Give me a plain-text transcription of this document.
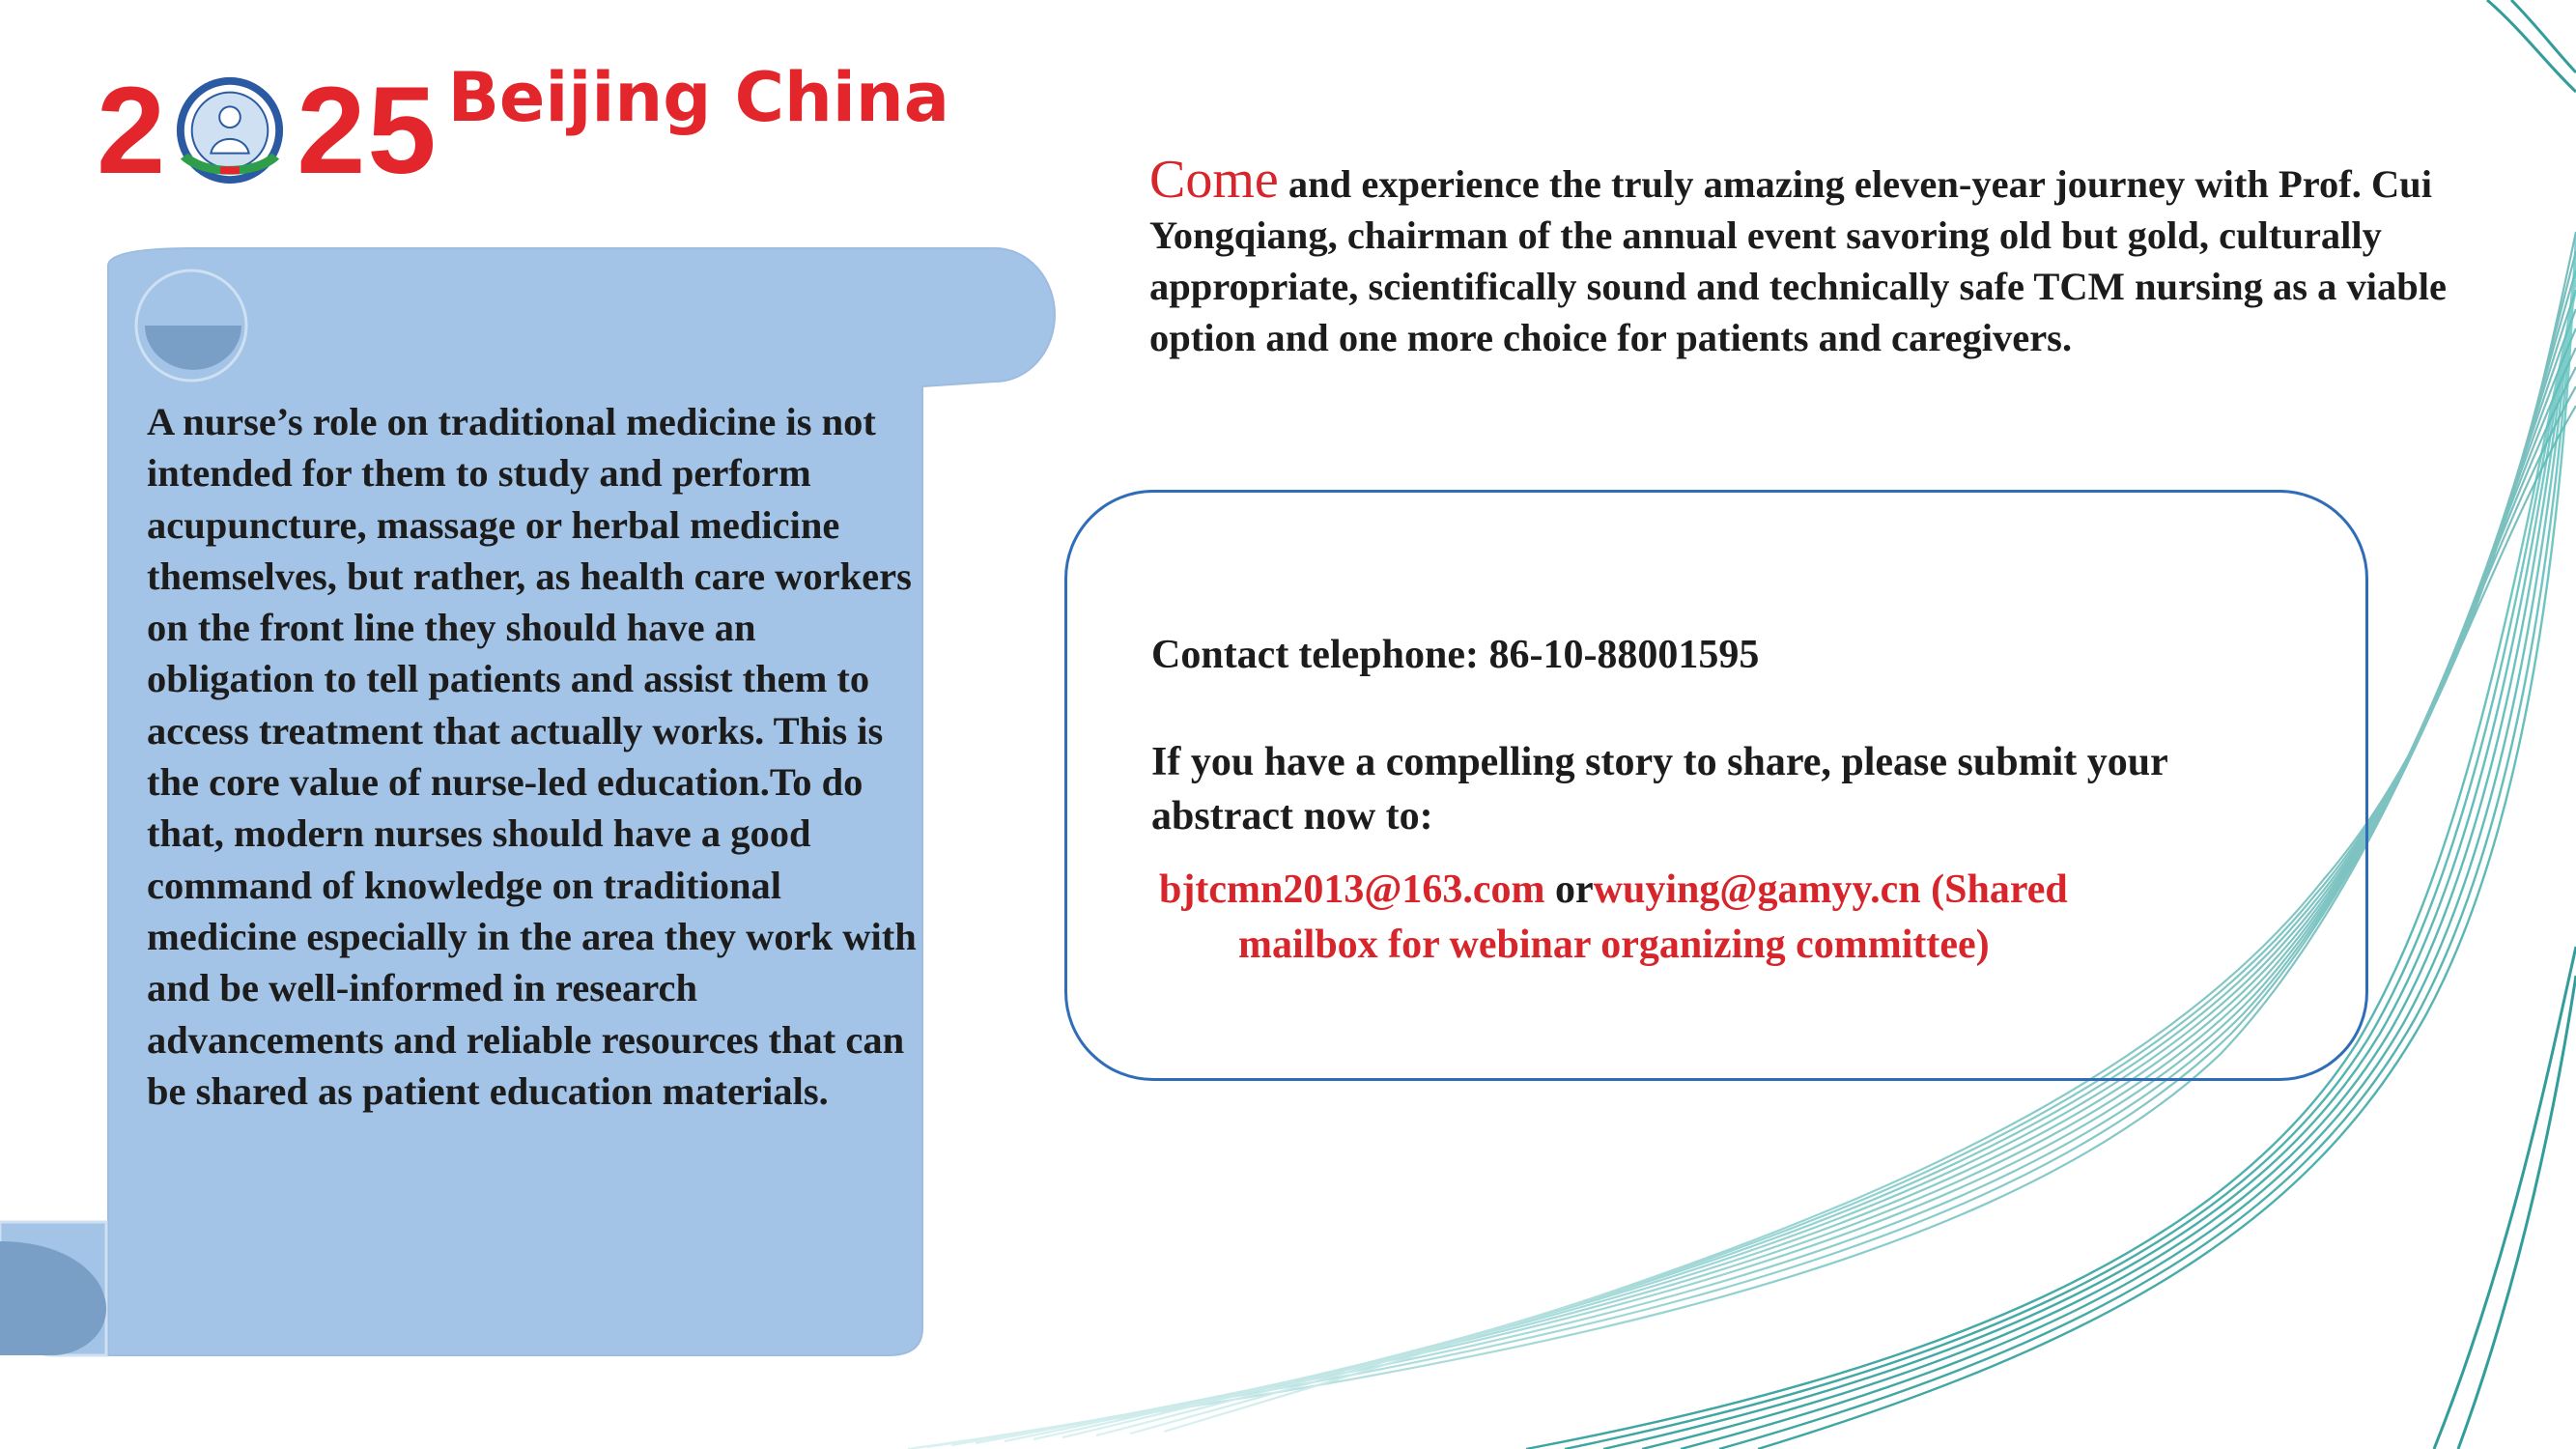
2 25 Beijing China

A nurse’s role on traditional medicine is not intended for them to study and perform acupuncture, massage or herbal medicine themselves, but rather, as health care workers on the front line they should have an obligation to tell patients and assist them to access treatment that actually works. This is the core value of nurse-led education.To do that, modern nurses should have a good command of knowledge on traditional medicine especially in the area they work with and be well-informed in research advancements and reliable resources that can be shared as patient education materials.

Come and experience the truly amazing eleven-year journey with Prof. Cui Yongqiang, chairman of the annual event savoring old but gold, culturally appropriate, scientifically sound and technically safe TCM nursing as a viable option and one more choice for patients and caregivers.

Contact telephone: 86-10-88001595

If you have a compelling story to share, please submit your abstract now to:

bjtcmn2013@163.com orwuying@gamyy.cn (Shared
mailbox for webinar organizing committee)
